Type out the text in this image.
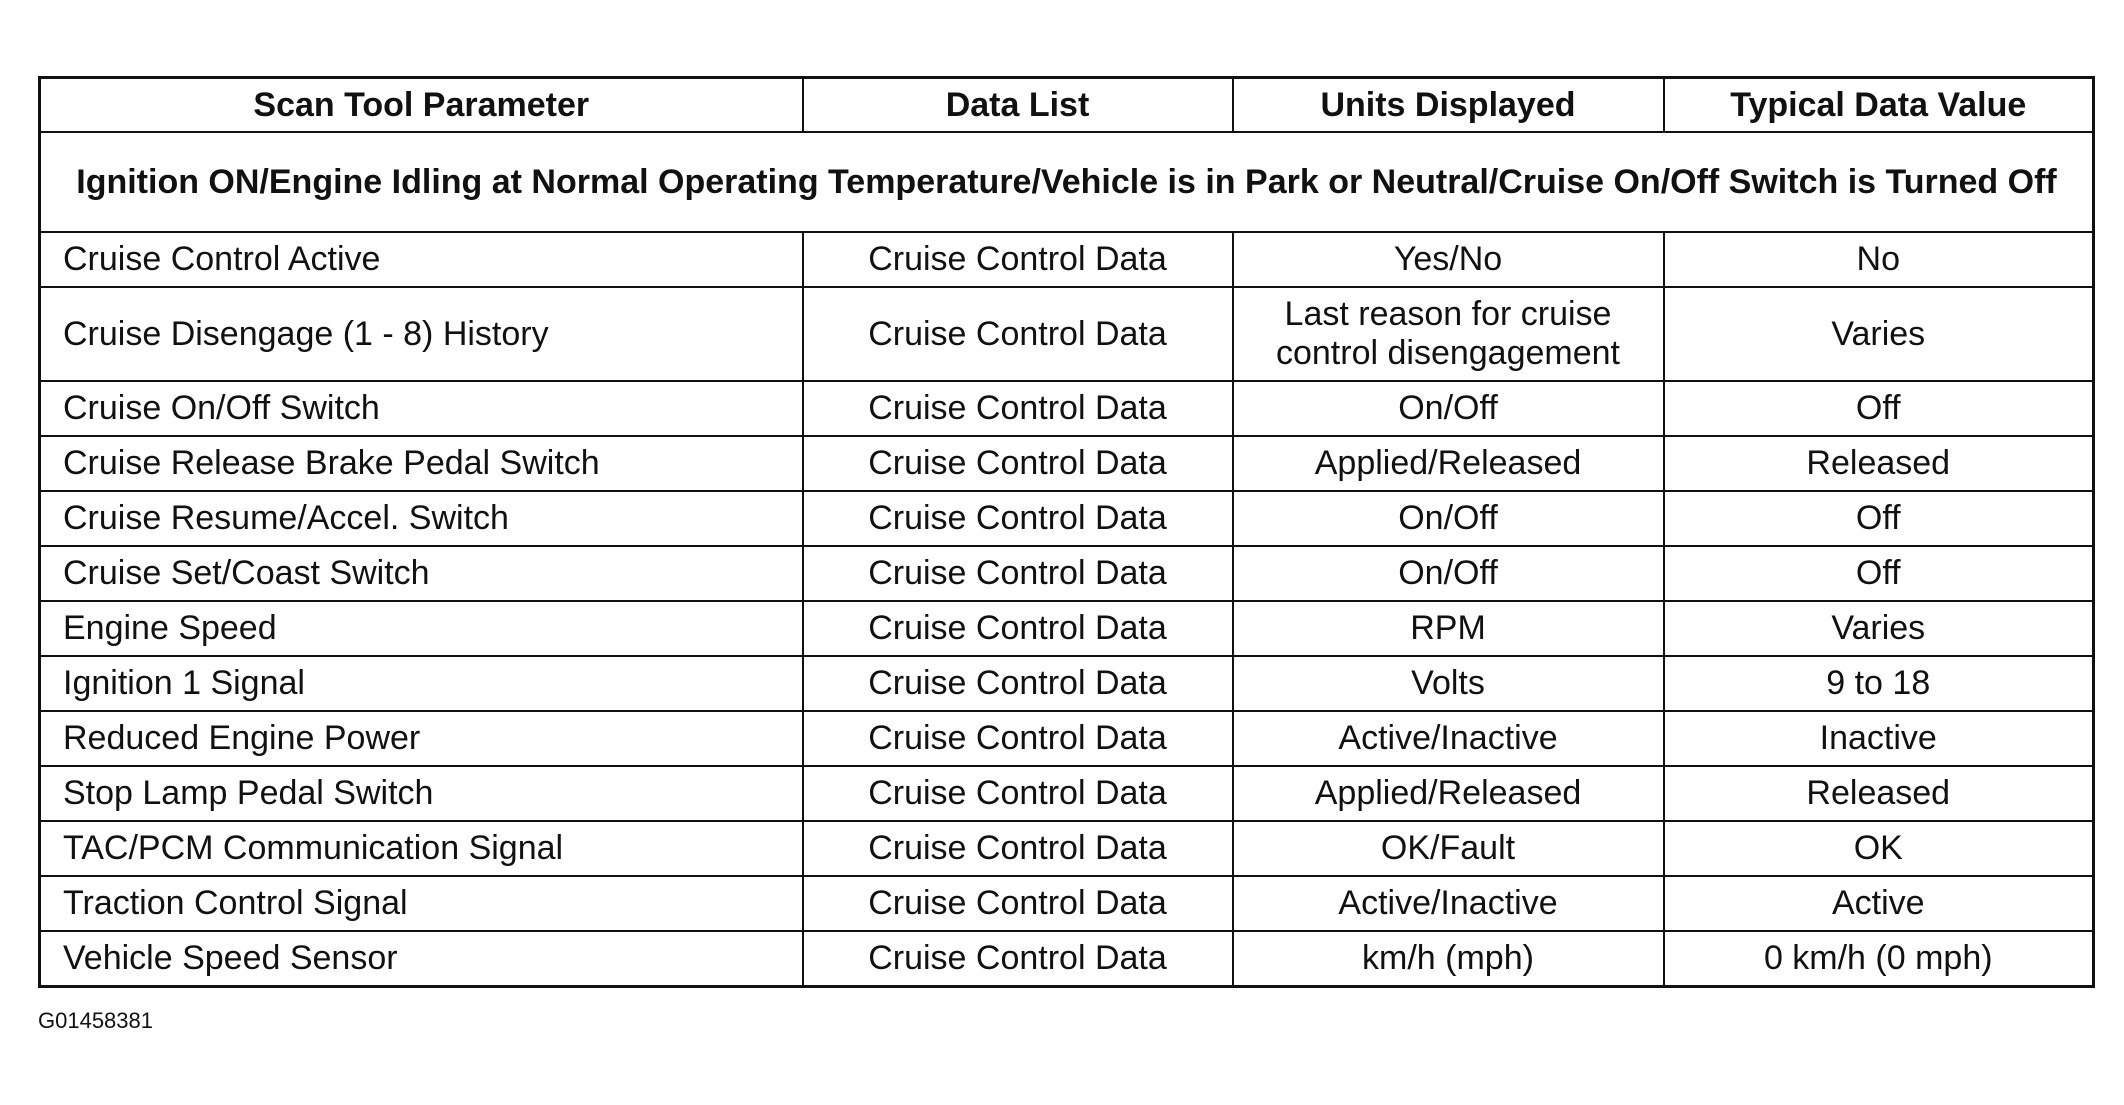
Scan Tool Parameter	Data List	Units Displayed	Typical Data Value
Ignition ON/Engine Idling at Normal Operating Temperature/Vehicle is in Park or Neutral/Cruise On/Off Switch is Turned Off			
Cruise Control Active	Cruise Control Data	Yes/No	No
Cruise Disengage (1 - 8) History	Cruise Control Data	Last reason for cruise control disengagement	Varies
Cruise On/Off Switch	Cruise Control Data	On/Off	Off
Cruise Release Brake Pedal Switch	Cruise Control Data	Applied/Released	Released
Cruise Resume/Accel. Switch	Cruise Control Data	On/Off	Off
Cruise Set/Coast Switch	Cruise Control Data	On/Off	Off
Engine Speed	Cruise Control Data	RPM	Varies
Ignition 1 Signal	Cruise Control Data	Volts	9 to 18
Reduced Engine Power	Cruise Control Data	Active/Inactive	Inactive
Stop Lamp Pedal Switch	Cruise Control Data	Applied/Released	Released
TAC/PCM Communication Signal	Cruise Control Data	OK/Fault	OK
Traction Control Signal	Cruise Control Data	Active/Inactive	Active
Vehicle Speed Sensor	Cruise Control Data	km/h (mph)	0 km/h (0 mph)
G01458381
